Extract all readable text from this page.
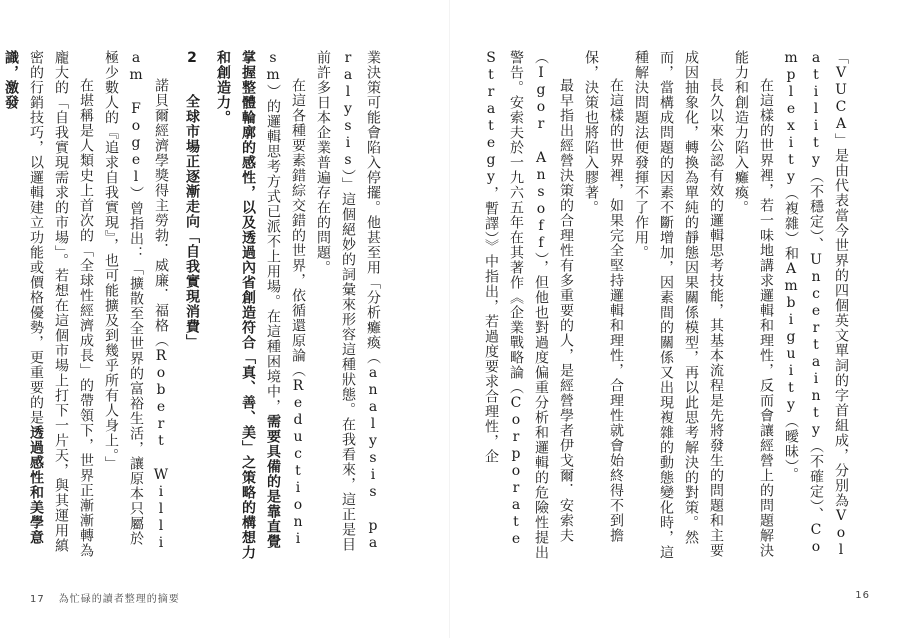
「VUCA」是由代表當今世界的四個英文單詞的字首組成，分別為Volatility（不穩定）、Uncertainty（不確定）、Complexity（複雜）和Ambiguity（曖昧）。
在這樣的世界裡，若一味地講求邏輯和理性，反而會讓經營上的問題解決能力和創造力陷入癱瘓。
長久以來公認有效的邏輯思考技能，其基本流程是先將發生的問題和主要成因抽象化，轉換為單純的靜態因果關係模型，再以此思考解決的對策。然而，當構成問題的因素不斷增加，因素間的關係又出現複雜的動態變化時，這種解決問題法便發揮不了作用。
在這樣的世界裡，如果完全堅持邏輯和理性，合理性就會始終得不到擔保，決策也將陷入膠著。
最早指出經營決策的合理性有多重要的人，是經營學者伊戈爾．安索夫（Igor Ansoff），但他也對過度偏重分析和邏輯的危險性提出警告。安索夫於一九六五年在其著作《企業戰略論（Corporate Strategy，暫譯）》中指出，若過度要求合理性，企
業決策可能會陷入停擺。他甚至用「分析癱瘓（analysis paralysis）」這個絕妙的詞彙來形容這種狀態。在我看來，這正是目前許多日本企業普遍存在的問題。
在這各種要素錯綜交錯的世界，依循還原論（Reductionism）的邏輯思考方式已派不上用場。在這種困境中，需要具備的是靠直覺掌握整體輪廓的感性，以及透過內省創造符合「真、善、美」之策略的構想力和創造力。
2　全球市場正逐漸走向「自我實現消費」
諾貝爾經濟學獎得主勞勃．威廉．福格（Robert William Fogel）曾指出：「擴散至全世界的富裕生活，讓原本只屬於極少數人的『追求自我實現』，也可能擴及到幾乎所有人身上。」
在堪稱是人類史上首次的「全球性經濟成長」的帶領下，世界正漸漸轉為龐大的「自我實現需求的市場」。若想在這個市場上打下一片天，與其運用縝密的行銷技巧，以邏輯建立功能或價格優勢，更重要的是透過感性和美學意識，激發
17 為忙碌的讀者整理的摘要	16
